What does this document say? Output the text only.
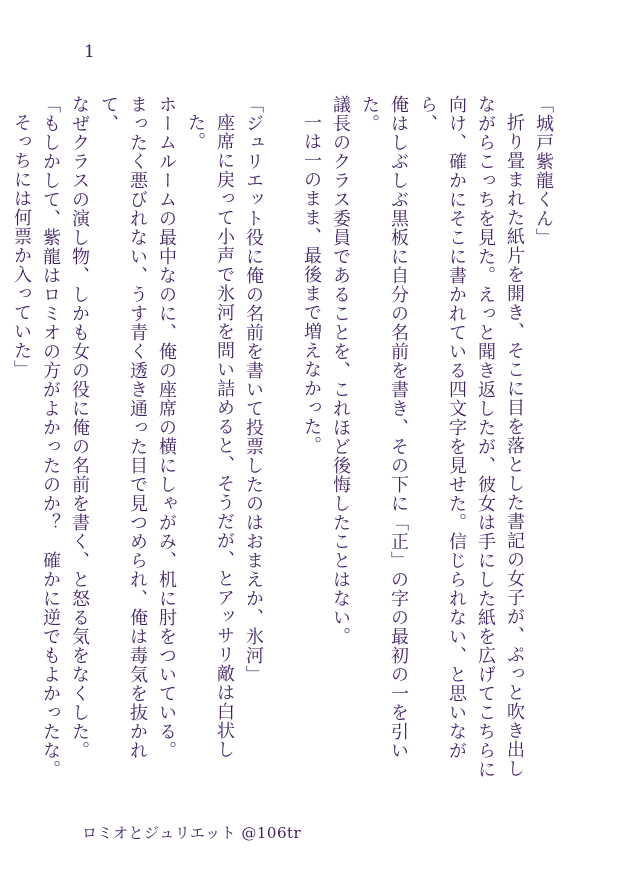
1

「城戸紫龍くん」

折り畳まれた紙片を開き、そこに目を落とした書記の女子が、ぷっと吹き出し

ながらこっちを見た。えっと聞き返したが、彼女は手にした紙を広げてこちらに

向け、確かにそこに書かれている四文字を見せた。信じられない、と思いながら、

俺はしぶしぶ黒板に自分の名前を書き、その下に「正」の字の最初の一を引いた。

議長のクラス委員であることを、これほど後悔したことはない。

一は一のまま、最後まで増えなかった。

「ジュリエット役に俺の名前を書いて投票したのはおまえか、氷河」

座席に戻って小声で氷河を問い詰めると、そうだが、とアッサリ敵は白状した。

ホームルームの最中なのに、俺の座席の横にしゃがみ、机に肘をついている。

まったく悪びれない、うす青く透き通った目で見つめられ、俺は毒気を抜かれて、

なぜクラスの演し物、しかも女の役に俺の名前を書く、と怒る気をなくした。

「もしかして、紫龍はロミオの方がよかったのか？　確かに逆でもよかったな。

そっちには何票か入っていた」

ロミオとジュリエット @106tr
